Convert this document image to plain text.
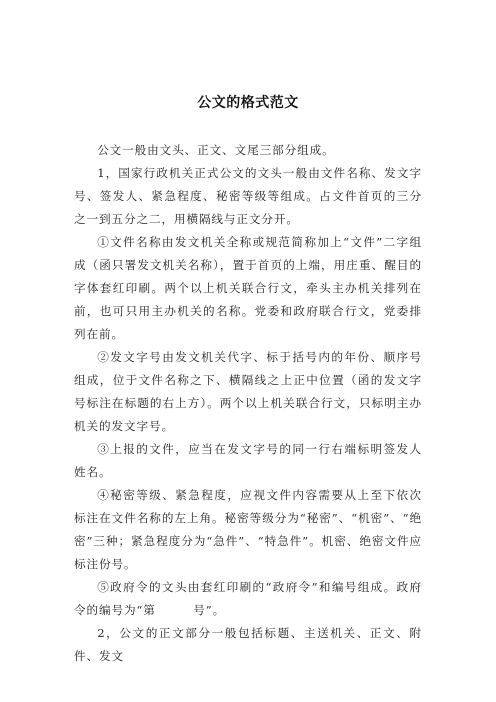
公文的格式范文

公文一般由文头、正文、文尾三部分组成。

1，国家行政机关正式公文的文头一般由文件名称、发文字号、签发人、紧急程度、秘密等级等组成。占文件首页的三分之一到五分之二，用横隔线与正文分开。

①文件名称由发文机关全称或规范简称加上“文件”二字组成（函只署发文机关名称），置于首页的上端，用庄重、醒目的字体套红印刷。两个以上机关联合行文，牵头主办机关排列在前，也可只用主办机关的名称。党委和政府联合行文，党委排列在前。

②发文字号由发文机关代字、标于括号内的年份、顺序号组成，位于文件名称之下、横隔线之上正中位置（函的发文字号标注在标题的右上方）。两个以上机关联合行文，只标明主办机关的发文字号。

③上报的文件，应当在发文字号的同一行右端标明签发人姓名。

④秘密等级、紧急程度，应视文件内容需要从上至下依次标注在文件名称的左上角。秘密等级分为“秘密”、“机密”、“绝密”三种；紧急程度分为“急件”、“特急件”。机密、绝密文件应标注份号。

⑤政府令的文头由套红印刷的“政府令”和编号组成。政府令的编号为“第　　　号”。

2，公文的正文部分一般包括标题、主送机关、正文、附件、发文
